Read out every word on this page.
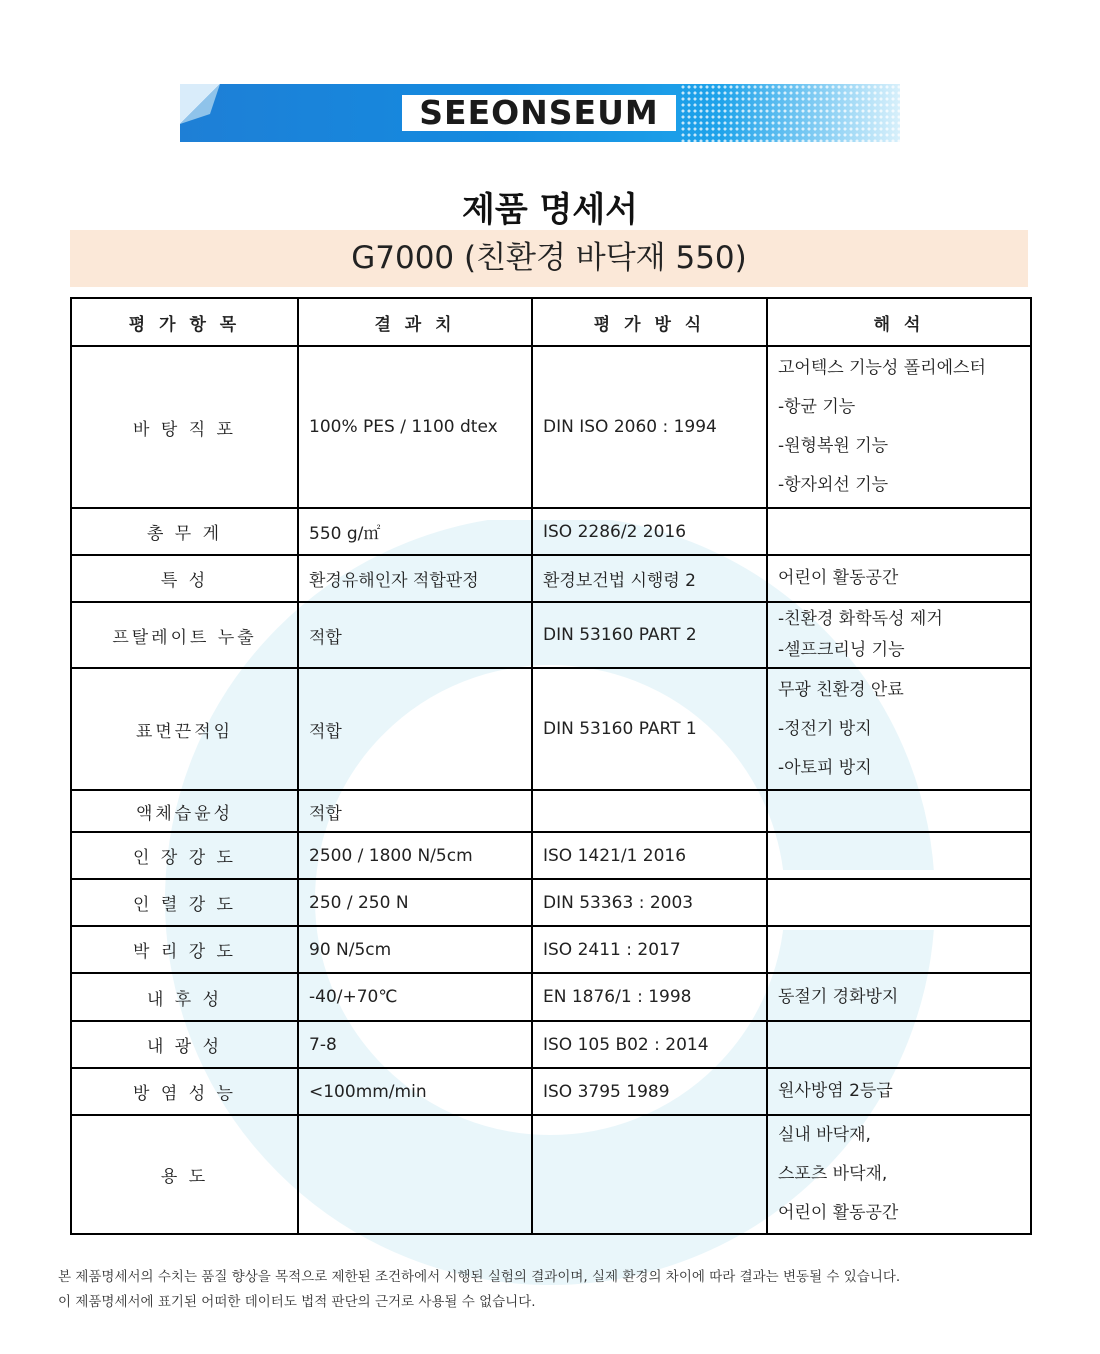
SEEONSEUM
제품 명세서
G7000 (친환경 바닥재 550)
평 가 항 목	결 과 치	평 가 방 식	해 석
바 탕 직 포	100% PES / 1100 dtex	DIN ISO 2060 : 1994	고어텍스 기능성 폴리에스터
-항균 기능
-원형복원 기능
-항자외선 기능

총 무 게	550 g/㎡	ISO 2286/2 2016	
특 성	환경유해인자 적합판정	환경보건법 시행령 2	어린이 활동공간

프탈레이트 누출	적합	DIN 53160 PART 2	-친환경 화학독성 제거
-셀프크리닝 기능

표면끈적임	적합	DIN 53160 PART 1	무광 친환경 안료
-정전기 방지
-아토피 방지

액체습윤성	적합		
인 장 강 도	2500 / 1800 N/5cm	ISO 1421/1 2016	
인 렬 강 도	250 / 250 N	DIN 53363 : 2003	
박 리 강 도	90 N/5cm	ISO 2411 : 2017	
내 후 성	-40/+70℃	EN 1876/1 : 1998	동절기 경화방지

내 광 성	7-8	ISO 105 B02 : 2014	
방 염 성 능	<100mm/min	ISO 3795 1989	원사방염 2등급

용 도			실내 바닥재,
스포츠 바닥재,
어린이 활동공간
본 제품명세서의 수치는 품질 향상을 목적으로 제한된 조건하에서 시행된 실험의 결과이며, 실제 환경의 차이에 따라 결과는 변동될 수 있습니다.
이 제품명세서에 표기된 어떠한 데이터도 법적 판단의 근거로 사용될 수 없습니다.
